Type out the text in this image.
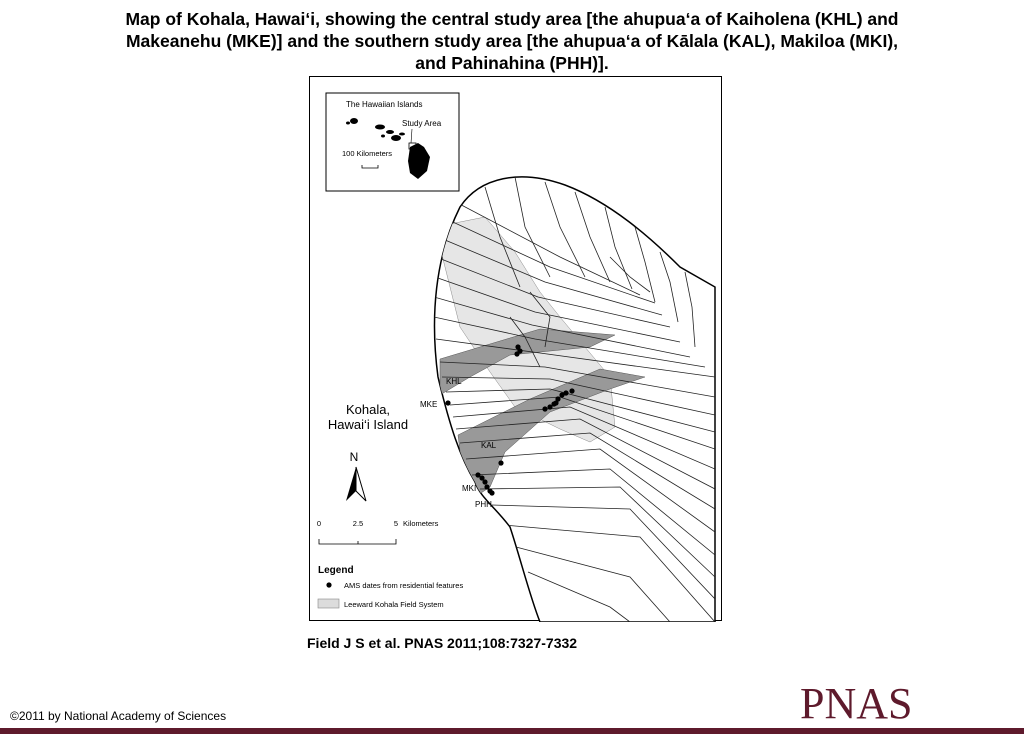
Map of Kohala, Hawai‘i, showing the central study area [the ahupua‘a of Kaiholena (KHL) and
Makeanehu (MKE)] and the southern study area [the ahupua‘a of Kālala (KAL), Makiloa (MKI),
and Pahinahina (PHH)].
The Hawaiian Islands
Study Area
100 Kilometers
KHL
MKE
KAL
MKI
PHH
Kohala,
Hawai‘i Island
N
0	2.5	5 Kilometers
Legend
AMS dates from residential features
Leeward Kohala Field System
Field J S et al. PNAS 2011;108:7327-7332
©2011 by National Academy of Sciences	PNAS
